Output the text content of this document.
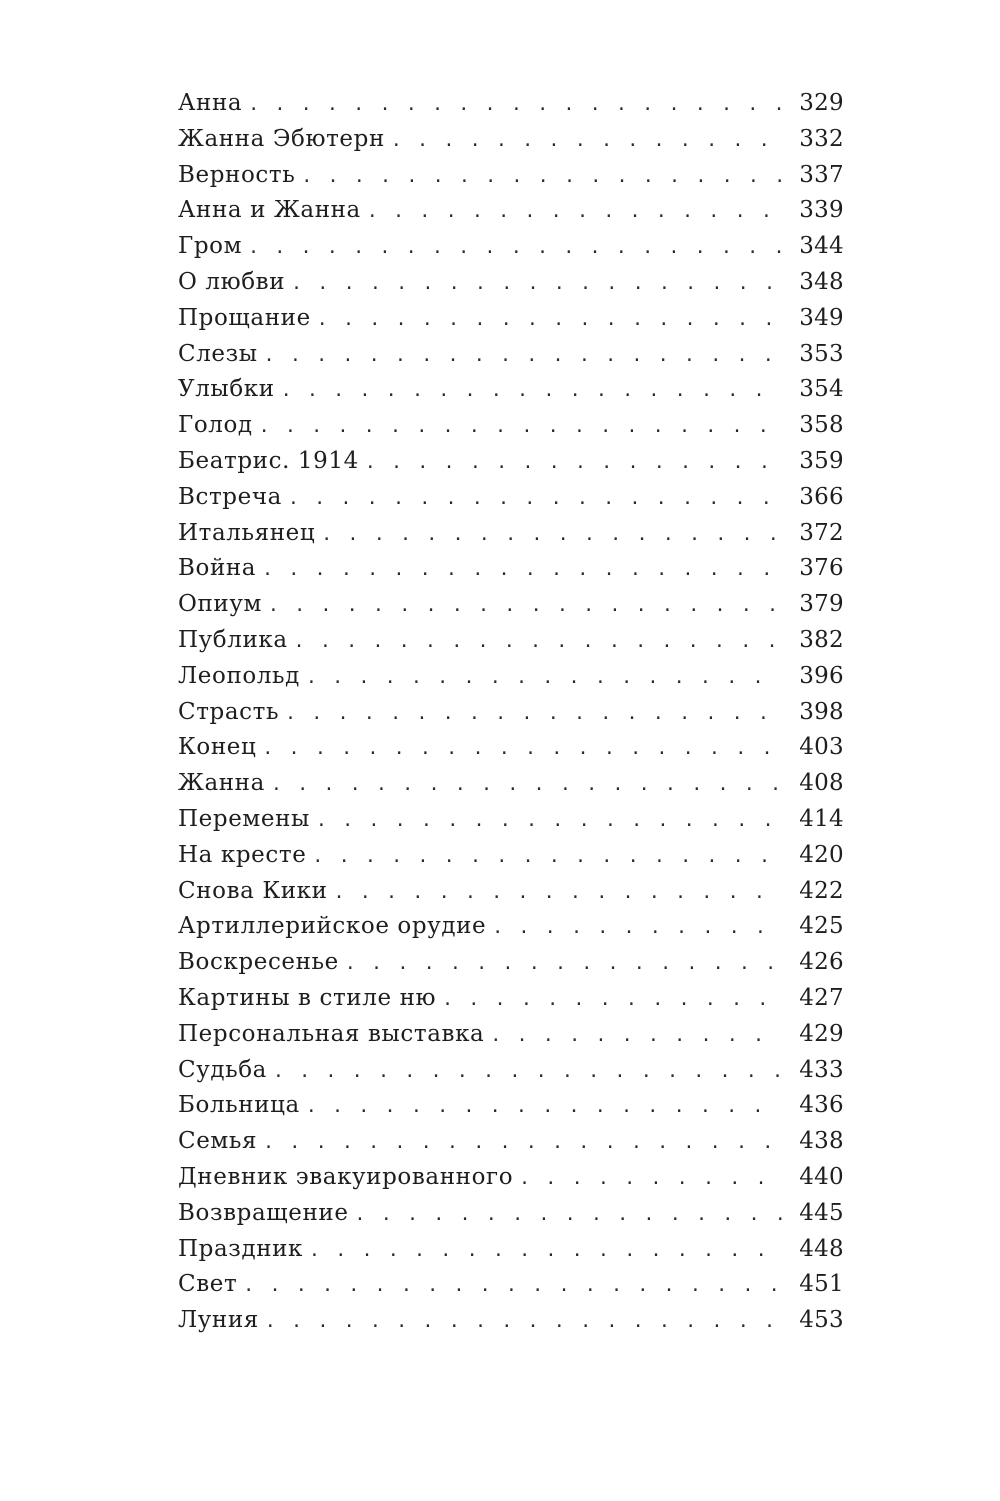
Анна . . .	329
Жанна Эбютерн . . .	332
Верность . . .	337
Анна и Жанна . . .	339
Гром . . .	344
О любви . . .	348
Прощание . . .	349
Слезы . . .	353
Улыбки . . .	354
Голод . . .	358
Беатрис. 1914 . . .	359
Встреча . . .	366
Итальянец . . .	372
Война . . .	376
Опиум . . .	379
Публика . . .	382
Леопольд . . .	396
Страсть . . .	398
Конец . . .	403
Жанна . . .	408
Перемены . . .	414
На кресте . . .	420
Снова Кики . . .	422
Артиллерийское орудие . . .	425
Воскресенье . . .	426
Картины в стиле ню . . .	427
Персональная выставка . . .	429
Судьба . . .	433
Больница . . .	436
Семья . . .	438
Дневник эвакуированного . . .	440
Возвращение . . .	445
Праздник . . .	448
Свет . . .	451
Луния . . .	453
